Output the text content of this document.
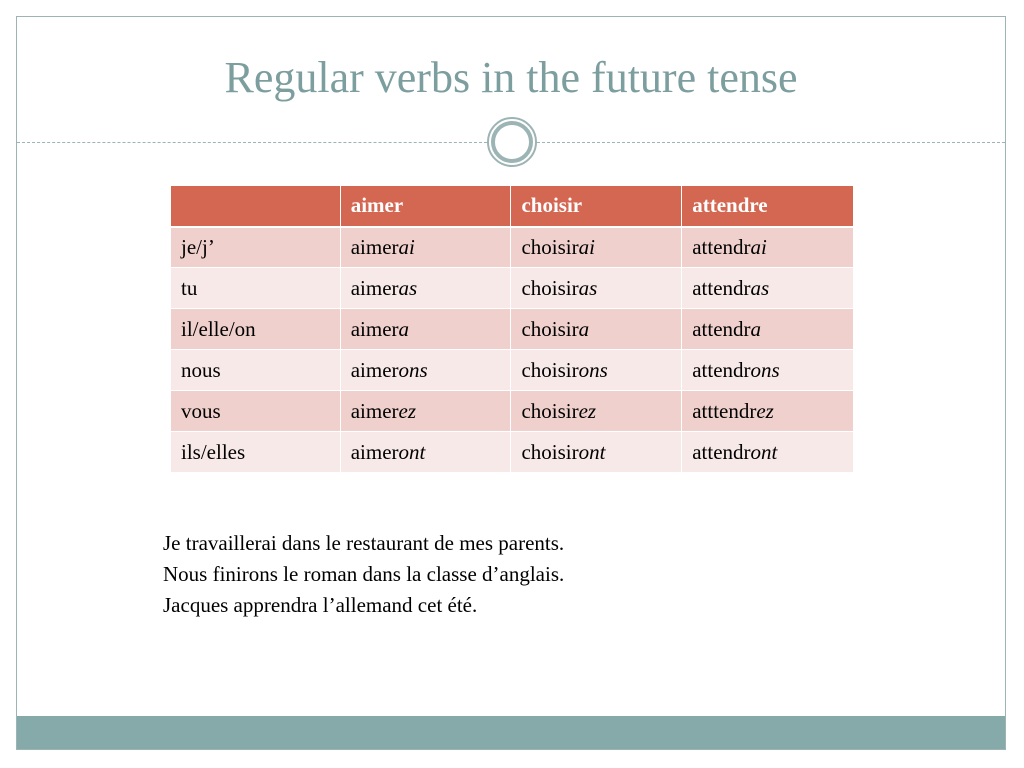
Regular verbs in the future tense
	aimer	choisir	attendre
je/j’	aimerai	choisirai	attendrai
tu	aimeras	choisiras	attendras
il/elle/on	aimera	choisira	attendra
nous	aimerons	choisirons	attendrons
vous	aimerez	choisirez	atttendrez
ils/elles	aimeront	choisiront	attendront
Je travaillerai dans le restaurant de mes parents.
Nous finirons le roman dans la classe d’anglais.
Jacques apprendra l’allemand cet été.
